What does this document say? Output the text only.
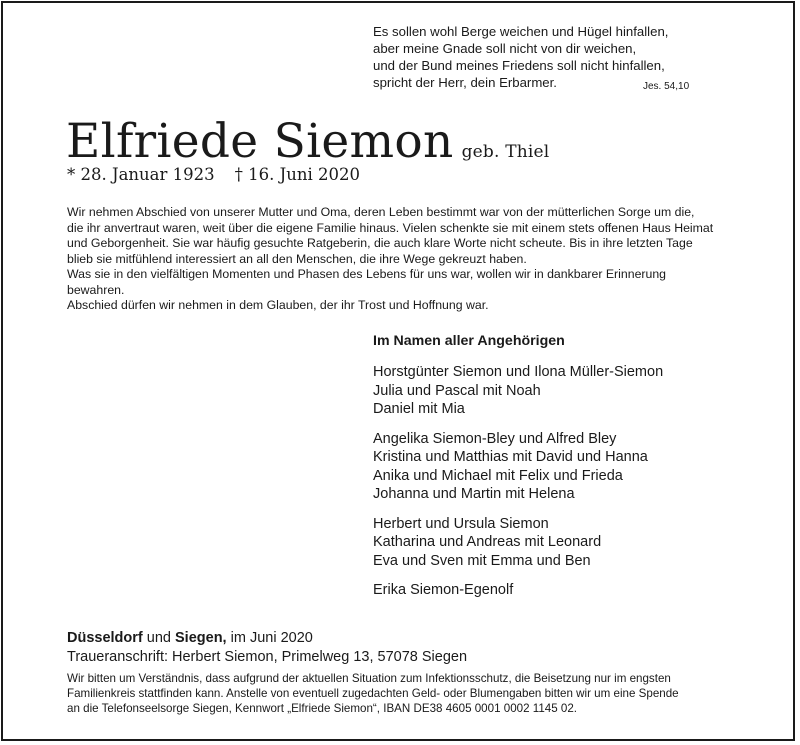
Es sollen wohl Berge weichen und Hügel hinfallen,
aber meine Gnade soll nicht von dir weichen,
und der Bund meines Friedens soll nicht hinfallen,
spricht der Herr, dein Erbarmer.	Jes. 54,10
Elfriede Siemon geb. Thiel
* 28. Januar 1923 † 16. Juni 2020
Wir nehmen Abschied von unserer Mutter und Oma, deren Leben bestimmt war von der mütterlichen Sorge um die,
die ihr anvertraut waren, weit über die eigene Familie hinaus. Vielen schenkte sie mit einem stets offenen Haus Heimat
und Geborgenheit. Sie war häufig gesuchte Ratgeberin, die auch klare Worte nicht scheute. Bis in ihre letzten Tage
blieb sie mitfühlend interessiert an all den Menschen, die ihre Wege gekreuzt haben.
Was sie in den vielfältigen Momenten und Phasen des Lebens für uns war, wollen wir in dankbarer Erinnerung
bewahren.
Abschied dürfen wir nehmen in dem Glauben, der ihr Trost und Hoffnung war.
Im Namen aller Angehörigen
Horstgünter Siemon und Ilona Müller-Siemon
Julia und Pascal mit Noah
Daniel mit Mia
Angelika Siemon-Bley und Alfred Bley
Kristina und Matthias mit David und Hanna
Anika und Michael mit Felix und Frieda
Johanna und Martin mit Helena
Herbert und Ursula Siemon
Katharina und Andreas mit Leonard
Eva und Sven mit Emma und Ben
Erika Siemon-Egenolf
Düsseldorf und Siegen, im Juni 2020
Traueranschrift: Herbert Siemon, Primelweg 13, 57078 Siegen
Wir bitten um Verständnis, dass aufgrund der aktuellen Situation zum Infektionsschutz, die Beisetzung nur im engsten
Familienkreis stattfinden kann. Anstelle von eventuell zugedachten Geld- oder Blumengaben bitten wir um eine Spende
an die Telefonseelsorge Siegen, Kennwort „Elfriede Siemon“, IBAN DE38 4605 0001 0002 1145 02.
